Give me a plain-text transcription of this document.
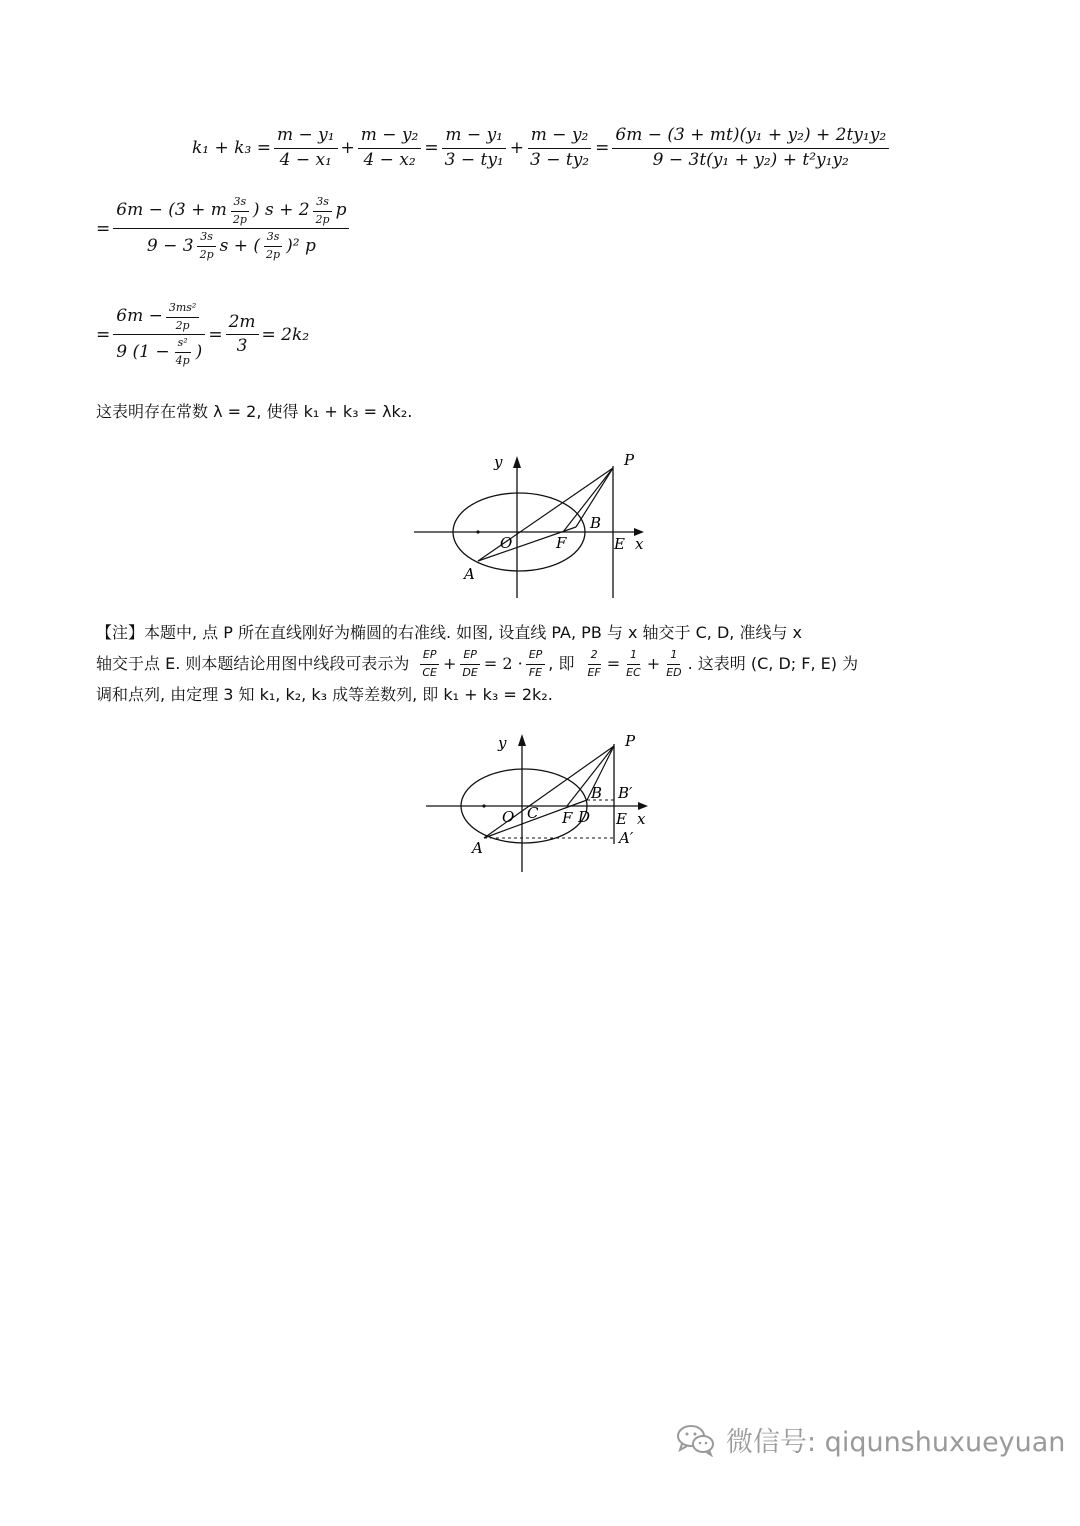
$k_1 + k_3 = \frac{\text{m − y₁}}{\text{4 − x₁}} + \frac{\text{m − y₂}}{\text{4 − x₂}} = \frac{\text{m − y₁}}{\text{3 − ty₁}} + \frac{\text{m − y₂}}{\text{3 − ty₂}} = \frac{\text{6m − (3 + mt)(y₁ + y₂) + 2ty₁y₂}}{\text{9 − 3t(y₁ + y₂) + t²y₁y₂}}$
= $\frac{6m - (3 + m \frac{3s}{2p} ) s + 2 \frac{3s}{2p} p}{9 - 3 \frac{3s}{2p} s + ( \frac{3s}{2p} )^2 p}$
= $\frac{6m - \frac{\text{3ms²}}{2p}}{9 (1 - \frac{\text{s²}}{4p} )} = \frac{2m}{3} = 2k_2$
这表明存在常数 λ = 2, 使得 k₁ + k₃ = λk₂.
y	P
B
O	F	E x
A
【注】本题中, 点 P 所在直线刚好为椭圆的右准线. 如图, 设直线 PA, PB 与 x 轴交于 C, D, 准线与 x
轴交于点 E. 则本题结论用图中线段可表示为 $\frac{EP}{CE} + \frac{EP}{DE} = 2 \cdot \frac{EP}{FE}$ , 即 $\frac{2}{EF} = \frac{1}{EC} + \frac{1}{ED}$ . 这表明 (C, D; F, E) 为
调和点列, 由定理 3 知 k₁, k₂, k₃ 成等差数列, 即 k₁ + k₃ = 2k₂.
y	P
B B′
O C F D E x
A
A′
微信号: qiqunshuxueyuan
